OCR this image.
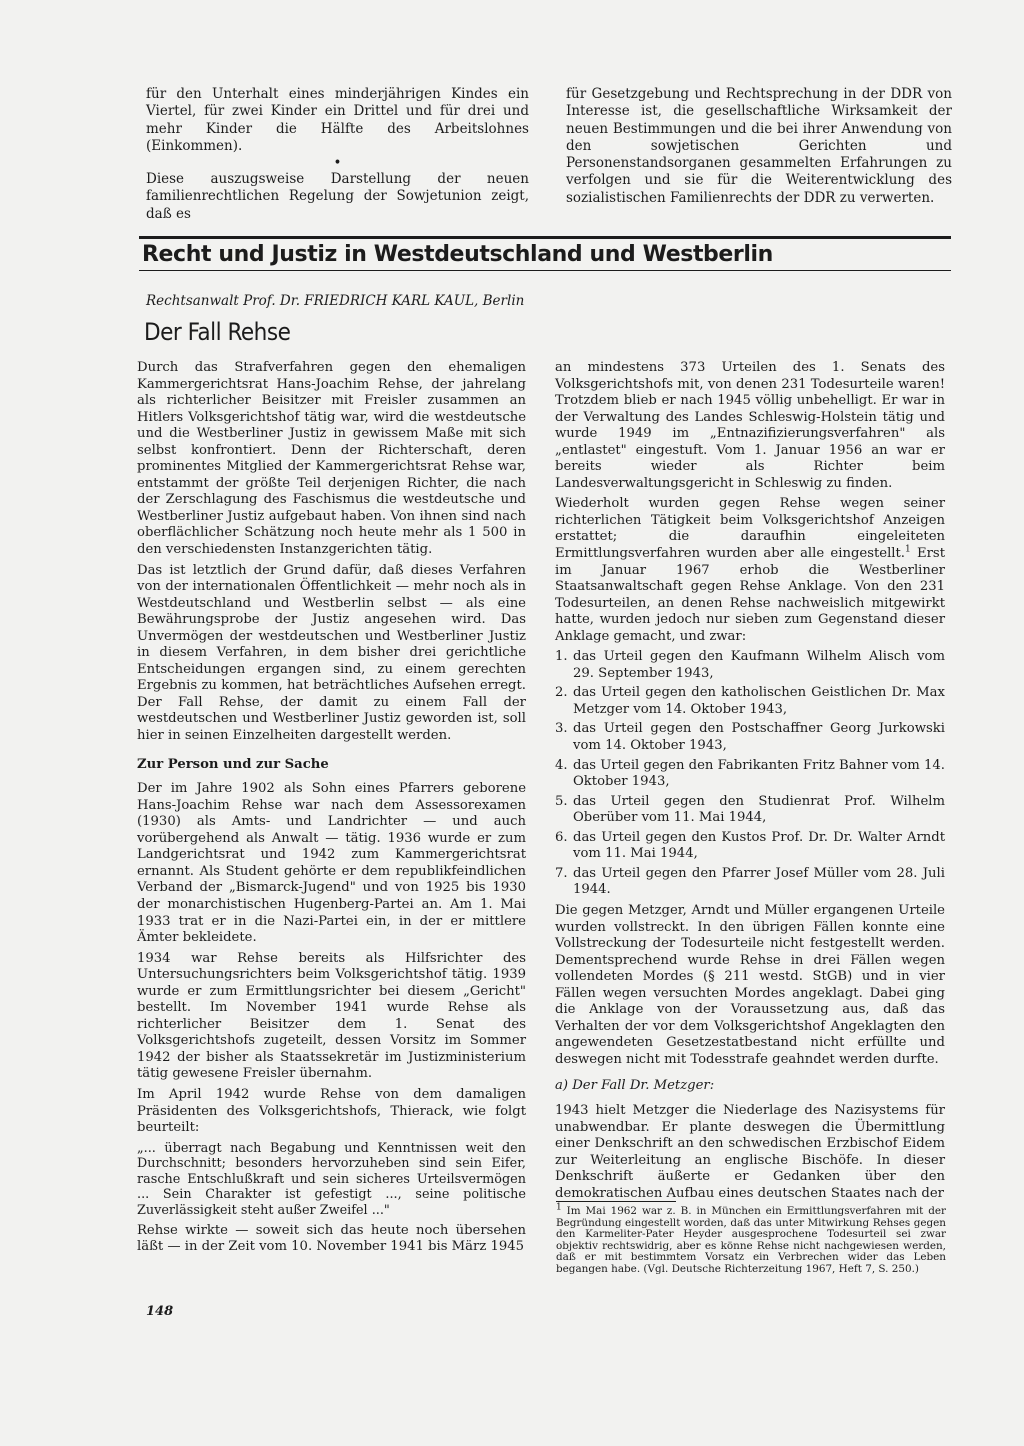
für den Unterhalt eines minderjährigen Kindes ein Viertel, für zwei Kinder ein Drittel und für drei und mehr Kinder die Hälfte des Arbeitslohnes (Einkommen).

•

Diese auszugsweise Darstellung der neuen familienrechtlichen Regelung der Sowjetunion zeigt, daß es

für Gesetzgebung und Rechtsprechung in der DDR von Interesse ist, die gesellschaftliche Wirksamkeit der neuen Bestimmungen und die bei ihrer Anwendung von den sowjetischen Gerichten und Personenstandsorganen gesammelten Erfahrungen zu verfolgen und sie für die Weiterentwicklung des sozialistischen Familienrechts der DDR zu verwerten.

Recht und Justiz in Westdeutschland und Westberlin
Rechtsanwalt Prof. Dr. FRIEDRICH KARL KAUL, Berlin
Der Fall Rehse

Durch das Strafverfahren gegen den ehemaligen Kammergerichtsrat Hans-Joachim Rehse, der jahrelang als richterlicher Beisitzer mit Freisler zusammen an Hitlers Volksgerichtshof tätig war, wird die westdeutsche und die Westberliner Justiz in gewissem Maße mit sich selbst konfrontiert. Denn der Richterschaft, deren prominentes Mitglied der Kammergerichtsrat Rehse war, entstammt der größte Teil derjenigen Richter, die nach der Zerschlagung des Faschismus die westdeutsche und Westberliner Justiz aufgebaut haben. Von ihnen sind nach oberflächlicher Schätzung noch heute mehr als 1 500 in den verschiedensten Instanzgerichten tätig.

Das ist letztlich der Grund dafür, daß dieses Verfahren von der internationalen Öffentlichkeit — mehr noch als in Westdeutschland und Westberlin selbst — als eine Bewährungsprobe der Justiz angesehen wird. Das Unvermögen der westdeutschen und Westberliner Justiz in diesem Verfahren, in dem bisher drei gerichtliche Entscheidungen ergangen sind, zu einem gerechten Ergebnis zu kommen, hat beträchtliches Aufsehen erregt. Der Fall Rehse, der damit zu einem Fall der westdeutschen und Westberliner Justiz geworden ist, soll hier in seinen Einzelheiten dargestellt werden.

Zur Person und zur Sache

Der im Jahre 1902 als Sohn eines Pfarrers geborene Hans-Joachim Rehse war nach dem Assessorexamen (1930) als Amts- und Landrichter — und auch vorübergehend als Anwalt — tätig. 1936 wurde er zum Landgerichtsrat und 1942 zum Kammergerichtsrat ernannt. Als Student gehörte er dem republikfeindlichen Verband der „Bismarck-Jugend" und von 1925 bis 1930 der monarchistischen Hugenberg-Partei an. Am 1. Mai 1933 trat er in die Nazi-Partei ein, in der er mittlere Ämter bekleidete.

1934 war Rehse bereits als Hilfsrichter des Untersuchungsrichters beim Volksgerichtshof tätig. 1939 wurde er zum Ermittlungsrichter bei diesem „Gericht" bestellt. Im November 1941 wurde Rehse als richterlicher Beisitzer dem 1. Senat des Volksgerichtshofs zugeteilt, dessen Vorsitz im Sommer 1942 der bisher als Staatssekretär im Justizministerium tätig gewesene Freisler übernahm.

Im April 1942 wurde Rehse von dem damaligen Präsidenten des Volksgerichtshofs, Thierack, wie folgt beurteilt:

„... überragt nach Begabung und Kenntnissen weit den Durchschnitt; besonders hervorzuheben sind sein Eifer, rasche Entschlußkraft und sein sicheres Urteilsvermögen ... Sein Charakter ist gefestigt ..., seine politische Zuverlässigkeit steht außer Zweifel ..."

Rehse wirkte — soweit sich das heute noch übersehen läßt — in der Zeit vom 10. November 1941 bis März 1945

an mindestens 373 Urteilen des 1. Senats des Volksgerichtshofs mit, von denen 231 Todesurteile waren! Trotzdem blieb er nach 1945 völlig unbehelligt. Er war in der Verwaltung des Landes Schleswig-Holstein tätig und wurde 1949 im „Entnazifizierungsverfahren" als „entlastet" eingestuft. Vom 1. Januar 1956 an war er bereits wieder als Richter beim Landesverwaltungsgericht in Schleswig zu finden.

Wiederholt wurden gegen Rehse wegen seiner richterlichen Tätigkeit beim Volksgerichtshof Anzeigen erstattet; die daraufhin eingeleiteten Ermittlungsverfahren wurden aber alle eingestellt.$^1$ Erst im Januar 1967 erhob die Westberliner Staatsanwaltschaft gegen Rehse Anklage. Von den 231 Todesurteilen, an denen Rehse nachweislich mitgewirkt hatte, wurden jedoch nur sieben zum Gegenstand dieser Anklage gemacht, und zwar:

1. das Urteil gegen den Kaufmann Wilhelm Alisch vom 29. September 1943,
2. das Urteil gegen den katholischen Geistlichen Dr. Max Metzger vom 14. Oktober 1943,
3. das Urteil gegen den Postschaffner Georg Jurkowski vom 14. Oktober 1943,
4. das Urteil gegen den Fabrikanten Fritz Bahner vom 14. Oktober 1943,
5. das Urteil gegen den Studienrat Prof. Wilhelm Oberüber vom 11. Mai 1944,
6. das Urteil gegen den Kustos Prof. Dr. Dr. Walter Arndt vom 11. Mai 1944,
7. das Urteil gegen den Pfarrer Josef Müller vom 28. Juli 1944.

Die gegen Metzger, Arndt und Müller ergangenen Urteile wurden vollstreckt. In den übrigen Fällen konnte eine Vollstreckung der Todesurteile nicht festgestellt werden. Dementsprechend wurde Rehse in drei Fällen wegen vollendeten Mordes (§ 211 westd. StGB) und in vier Fällen wegen versuchten Mordes angeklagt. Dabei ging die Anklage von der Voraussetzung aus, daß das Verhalten der vor dem Volksgerichtshof Angeklagten den angewendeten Gesetzestatbestand nicht erfüllte und deswegen nicht mit Todesstrafe geahndet werden durfte.

a) Der Fall Dr. Metzger:

1943 hielt Metzger die Niederlage des Nazisystems für unabwendbar. Er plante deswegen die Übermittlung einer Denkschrift an den schwedischen Erzbischof Eidem zur Weiterleitung an englische Bischöfe. In dieser Denkschrift äußerte er Gedanken über den demokratischen Aufbau eines deutschen Staates nach der

$^1$ Im Mai 1962 war z. B. in München ein Ermittlungsverfahren mit der Begründung eingestellt worden, daß das unter Mitwirkung Rehses gegen den Karmeliter-Pater Heyder ausgesprochene Todesurteil sei zwar objektiv rechtswidrig, aber es könne Rehse nicht nachgewiesen werden, daß er mit bestimmtem Vorsatz ein Verbrechen wider das Leben begangen habe. (Vgl. Deutsche Richterzeitung 1967, Heft 7, S. 250.)
148
